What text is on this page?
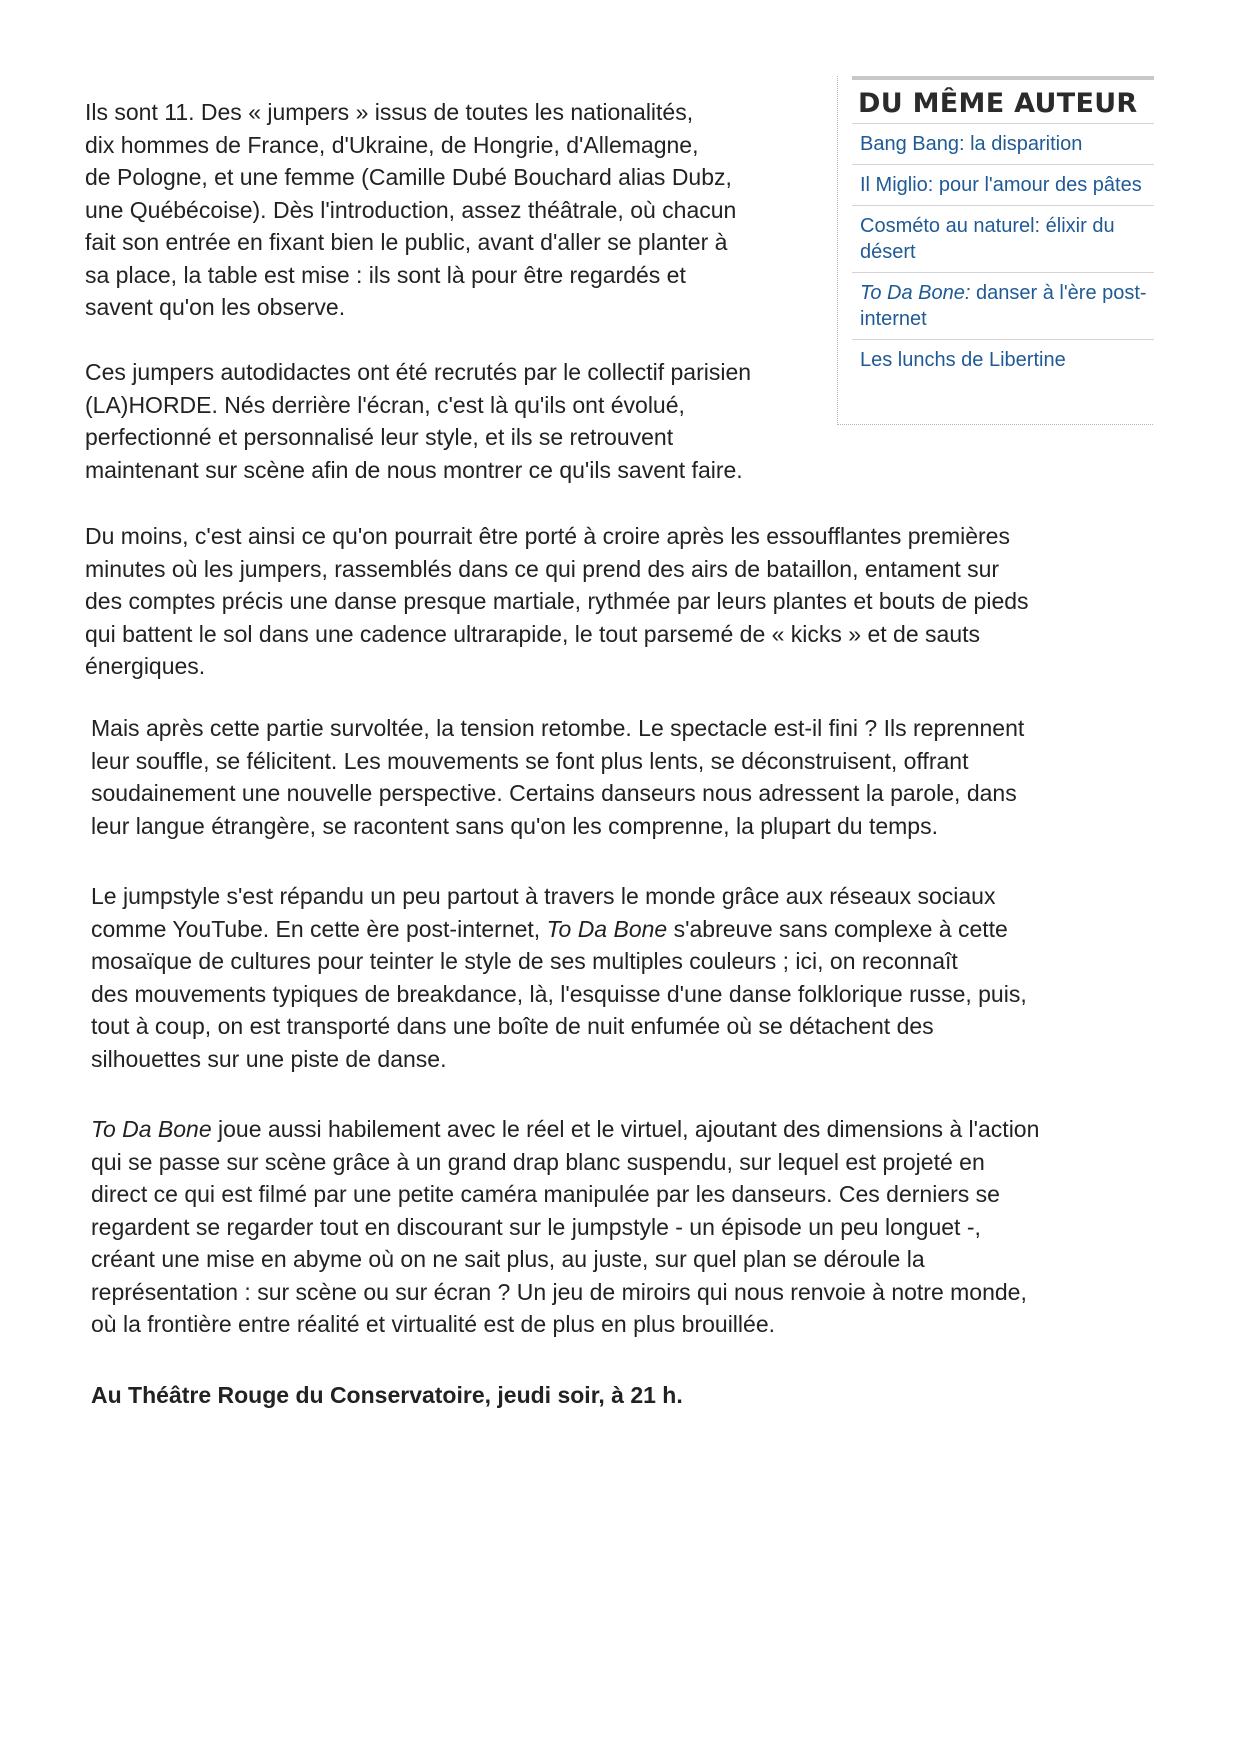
Ils sont 11. Des « jumpers » issus de toutes les nationalités,
dix hommes de France, d'Ukraine, de Hongrie, d'Allemagne,
de Pologne, et une femme (Camille Dubé Bouchard alias Dubz,
une Québécoise). Dès l'introduction, assez théâtrale, où chacun
fait son entrée en fixant bien le public, avant d'aller se planter à
sa place, la table est mise : ils sont là pour être regardés et
savent qu'on les observe.

Ces jumpers autodidactes ont été recrutés par le collectif parisien
(LA)HORDE. Nés derrière l'écran, c'est là qu'ils ont évolué,
perfectionné et personnalisé leur style, et ils se retrouvent
maintenant sur scène afin de nous montrer ce qu'ils savent faire.

Du moins, c'est ainsi ce qu'on pourrait être porté à croire après les essoufflantes premières
minutes où les jumpers, rassemblés dans ce qui prend des airs de bataillon, entament sur
des comptes précis une danse presque martiale, rythmée par leurs plantes et bouts de pieds
qui battent le sol dans une cadence ultrarapide, le tout parsemé de « kicks » et de sauts
énergiques.

Mais après cette partie survoltée, la tension retombe. Le spectacle est-il fini ? Ils reprennent
leur souffle, se félicitent. Les mouvements se font plus lents, se déconstruisent, offrant
soudainement une nouvelle perspective. Certains danseurs nous adressent la parole, dans
leur langue étrangère, se racontent sans qu'on les comprenne, la plupart du temps.

Le jumpstyle s'est répandu un peu partout à travers le monde grâce aux réseaux sociaux
comme YouTube. En cette ère post-internet, To Da Bone s'abreuve sans complexe à cette
mosaïque de cultures pour teinter le style de ses multiples couleurs ; ici, on reconnaît
des mouvements typiques de breakdance, là, l'esquisse d'une danse folklorique russe, puis,
tout à coup, on est transporté dans une boîte de nuit enfumée où se détachent des
silhouettes sur une piste de danse.

To Da Bone joue aussi habilement avec le réel et le virtuel, ajoutant des dimensions à l'action
qui se passe sur scène grâce à un grand drap blanc suspendu, sur lequel est projeté en
direct ce qui est filmé par une petite caméra manipulée par les danseurs. Ces derniers se
regardent se regarder tout en discourant sur le jumpstyle - un épisode un peu longuet -,
créant une mise en abyme où on ne sait plus, au juste, sur quel plan se déroule la
représentation : sur scène ou sur écran ? Un jeu de miroirs qui nous renvoie à notre monde,
où la frontière entre réalité et virtualité est de plus en plus brouillée.

Au Théâtre Rouge du Conservatoire, jeudi soir, à 21 h.

DU MÊME AUTEUR
Bang Bang: la disparition
Il Miglio: pour l'amour des pâtes
Cosméto au naturel: élixir du désert
To Da Bone: danser à l'ère post-internet
Les lunchs de Libertine
